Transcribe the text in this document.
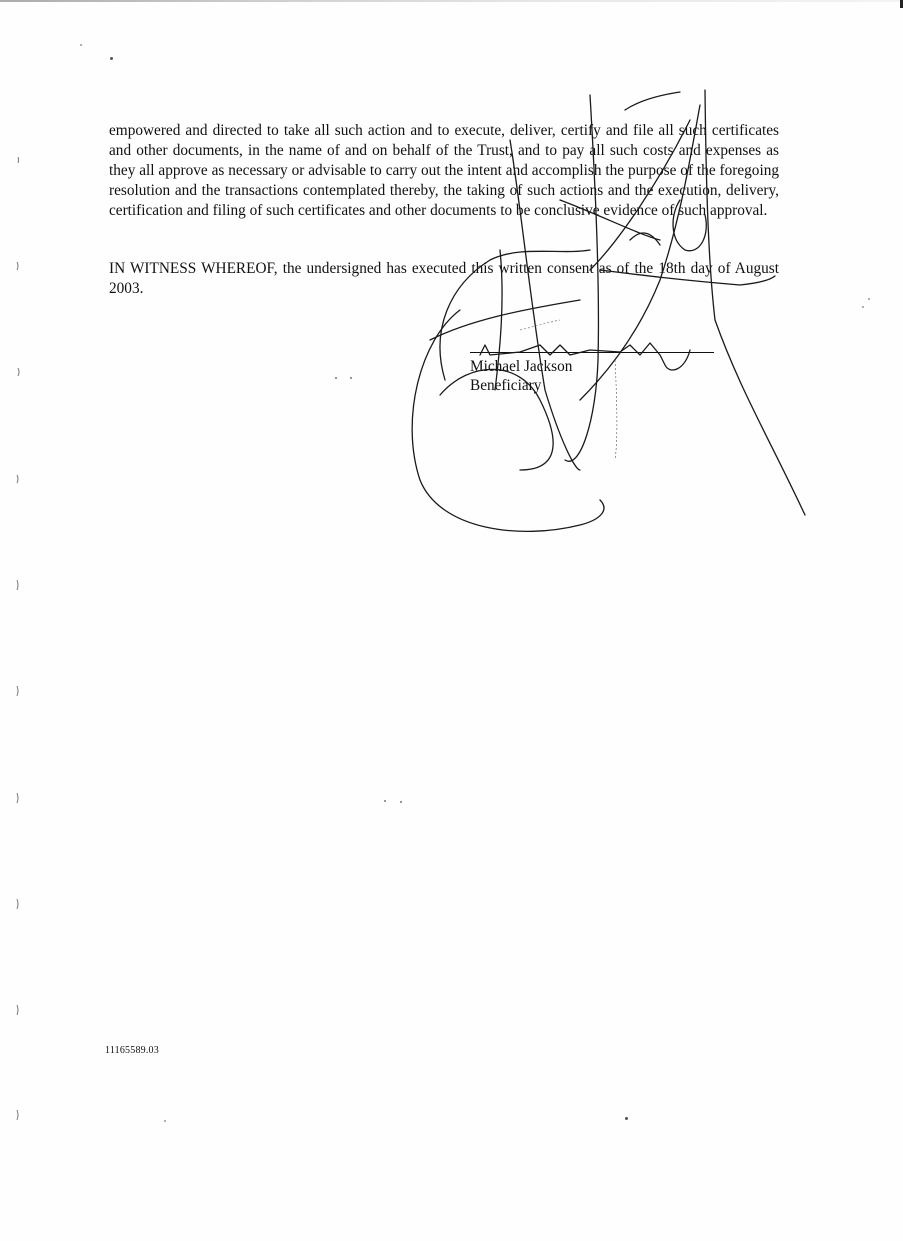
empowered and directed to take all such action and to execute, deliver, certify and file all such certificates and other documents, in the name of and on behalf of the Trust, and to pay all such costs and expenses as they all approve as necessary or advisable to carry out the intent and accomplish the purpose of the foregoing resolution and the transactions contemplated thereby, the taking of such actions and the execution, delivery, certification and filing of such certificates and other documents to be conclusive evidence of such approval.

IN WITNESS WHEREOF, the undersigned has executed this written consent as of the 18th day of August 2003.

Michael Jackson
Beneficiary
11165589.03
